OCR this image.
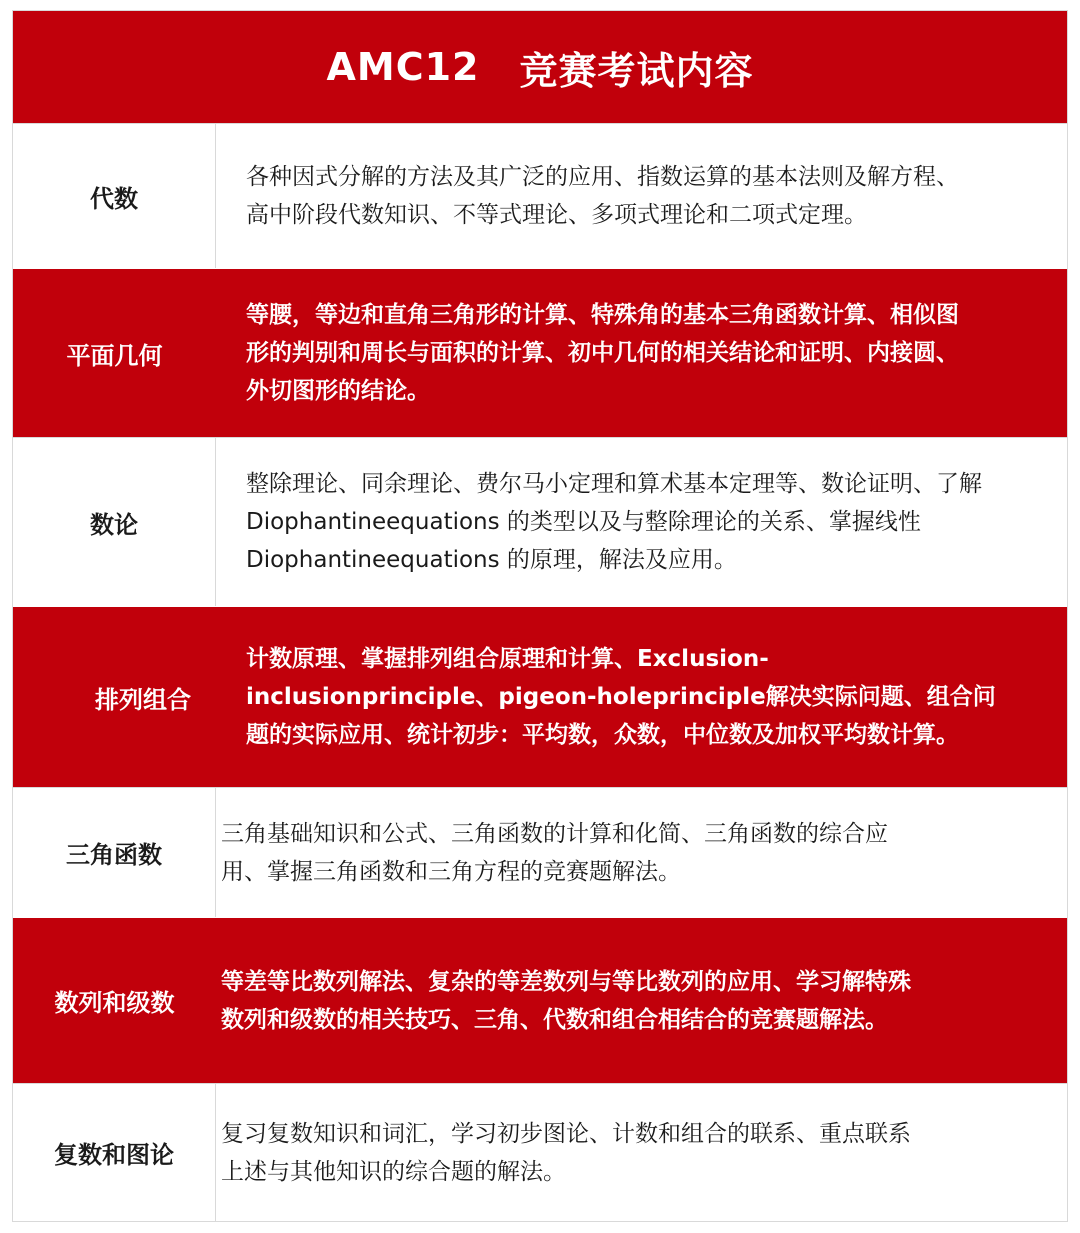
AMC12 竞赛考试内容
代数
各种因式分解的方法及其广泛的应用、指数运算的基本法则及解方程、高中阶段代数知识、不等式理论、多项式理论和二项式定理。
平面几何
等腰，等边和直角三角形的计算、特殊角的基本三角函数计算、相似图形的判别和周长与面积的计算、初中几何的相关结论和证明、内接圆、外切图形的结论。
数论
整除理论、同余理论、费尔马小定理和算术基本定理等、数论证明、了解Diophantineequations 的类型以及与整除理论的关系、掌握线性Diophantineequations 的原理，解法及应用。
排列组合
计数原理、掌握排列组合原理和计算、Exclusion-inclusionprinciple、pigeon-holeprinciple解决实际问题、组合问题的实际应用、统计初步：平均数，众数，中位数及加权平均数计算。
三角函数
三角基础知识和公式、三角函数的计算和化简、三角函数的综合应用、掌握三角函数和三角方程的竞赛题解法。
数列和级数
等差等比数列解法、复杂的等差数列与等比数列的应用、学习解特殊数列和级数的相关技巧、三角、代数和组合相结合的竞赛题解法。
复数和图论
复习复数知识和词汇，学习初步图论、计数和组合的联系、重点联系上述与其他知识的综合题的解法。
